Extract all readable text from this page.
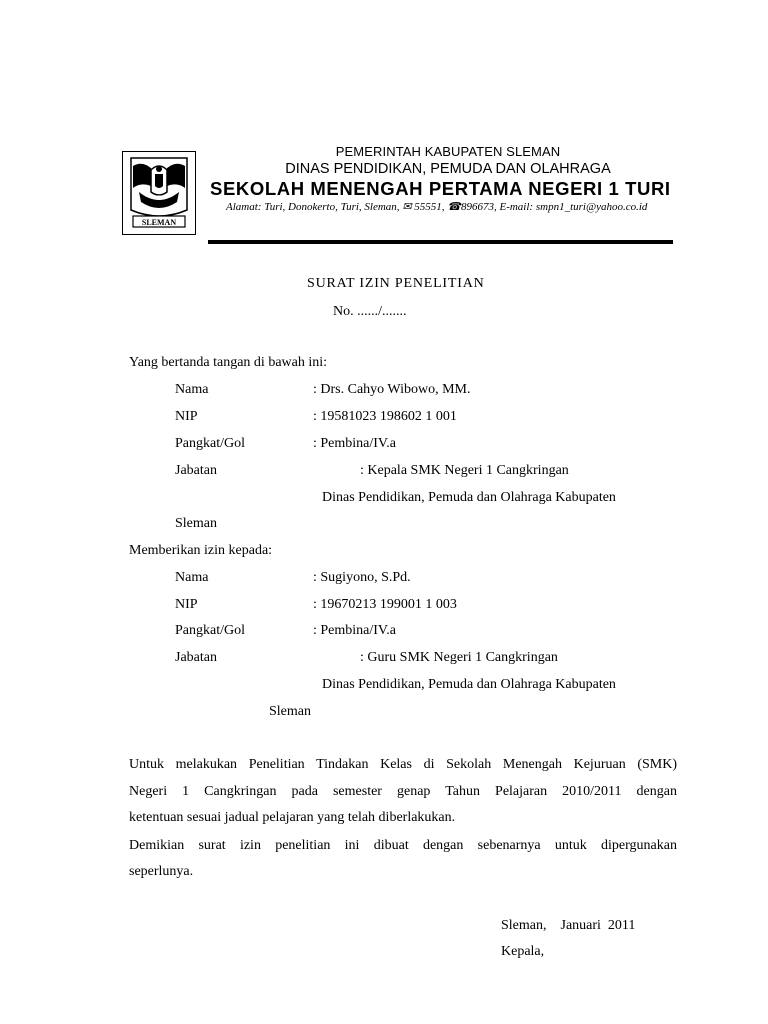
SLEMAN
PEMERINTAH KABUPATEN SLEMAN
DINAS PENDIDIKAN, PEMUDA DAN OLAHRAGA
SEKOLAH MENENGAH PERTAMA NEGERI 1 TURI
Alamat: Turi, Donokerto, Turi, Sleman, ✉ 55551, ☎896673, E-mail: smpn1_turi@yahoo.co.id
SURAT IZIN PENELITIAN
No. ....../.......
Yang bertanda tangan di bawah ini:
Nama	: Drs. Cahyo Wibowo, MM.
NIP	: 19581023 198602 1 001
Pangkat/Gol	: Pembina/IV.a
Jabatan	: Kepala SMK Negeri 1 Cangkringan
Dinas Pendidikan, Pemuda dan Olahraga Kabupaten
Sleman
Memberikan izin kepada:
Nama	: Sugiyono, S.Pd.
NIP	: 19670213 199001 1 003
Pangkat/Gol	: Pembina/IV.a
Jabatan	: Guru SMK Negeri 1 Cangkringan
Dinas Pendidikan, Pemuda dan Olahraga Kabupaten
Sleman
Untuk melakukan Penelitian Tindakan Kelas di Sekolah Menengah Kejuruan (SMK)
Negeri 1 Cangkringan pada semester genap Tahun Pelajaran 2010/2011 dengan
ketentuan sesuai jadual pelajaran yang telah diberlakukan.
Demikian surat izin penelitian ini dibuat dengan sebenarnya untuk dipergunakan
seperlunya.
Sleman,    Januari  2011
Kepala,
